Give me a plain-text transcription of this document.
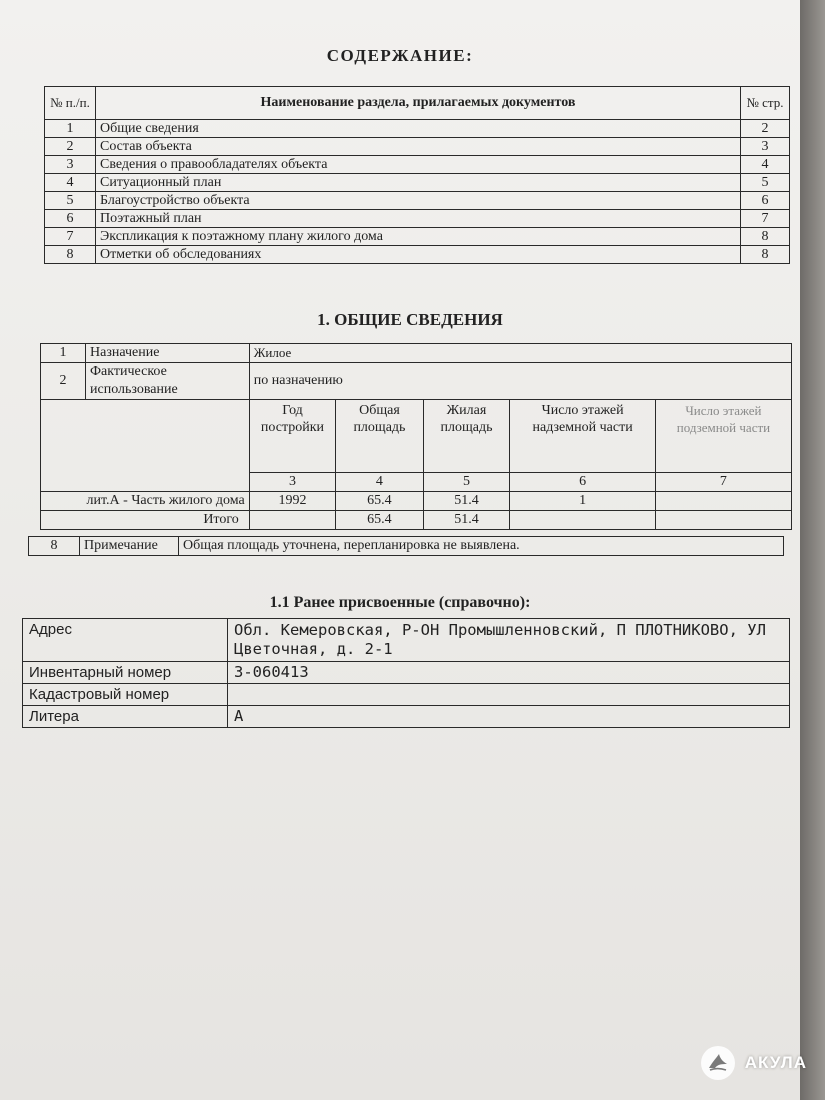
СОДЕРЖАНИЕ:
№ п./п.	Наименование раздела, прилагаемых документов	№ стр.
1	Общие сведения	2
2	Состав объекта	3
3	Сведения о правообладателях объекта	4
4	Ситуационный план	5
5	Благоустройство объекта	6
6	Поэтажный план	7
7	Экспликация к поэтажному плану жилого дома	8
8	Отметки об обследованиях	8
1. ОБЩИЕ СВЕДЕНИЯ
1	Назначение	Жилое				
2	Фактическое использование	по назначению				
		Год постройки	Общая площадь	Жилая площадь	Число этажей надземной части	Число этажей подземной части
		3	4	5	6	7
лит.А - Часть жилого дома		1992	65.4	51.4	1	
Итого			65.4	51.4		
8	Примечание	Общая площадь уточнена, перепланировка не выявлена.
1.1 Ранее присвоенные (справочно):
Адрес	Обл. Кемеровская, Р-ОН Промышленновский, П ПЛОТНИКОВО, УЛ Цветочная, д. 2-1
Инвентарный номер	3-060413
Кадастровый номер	
Литера	А
АКУЛА
